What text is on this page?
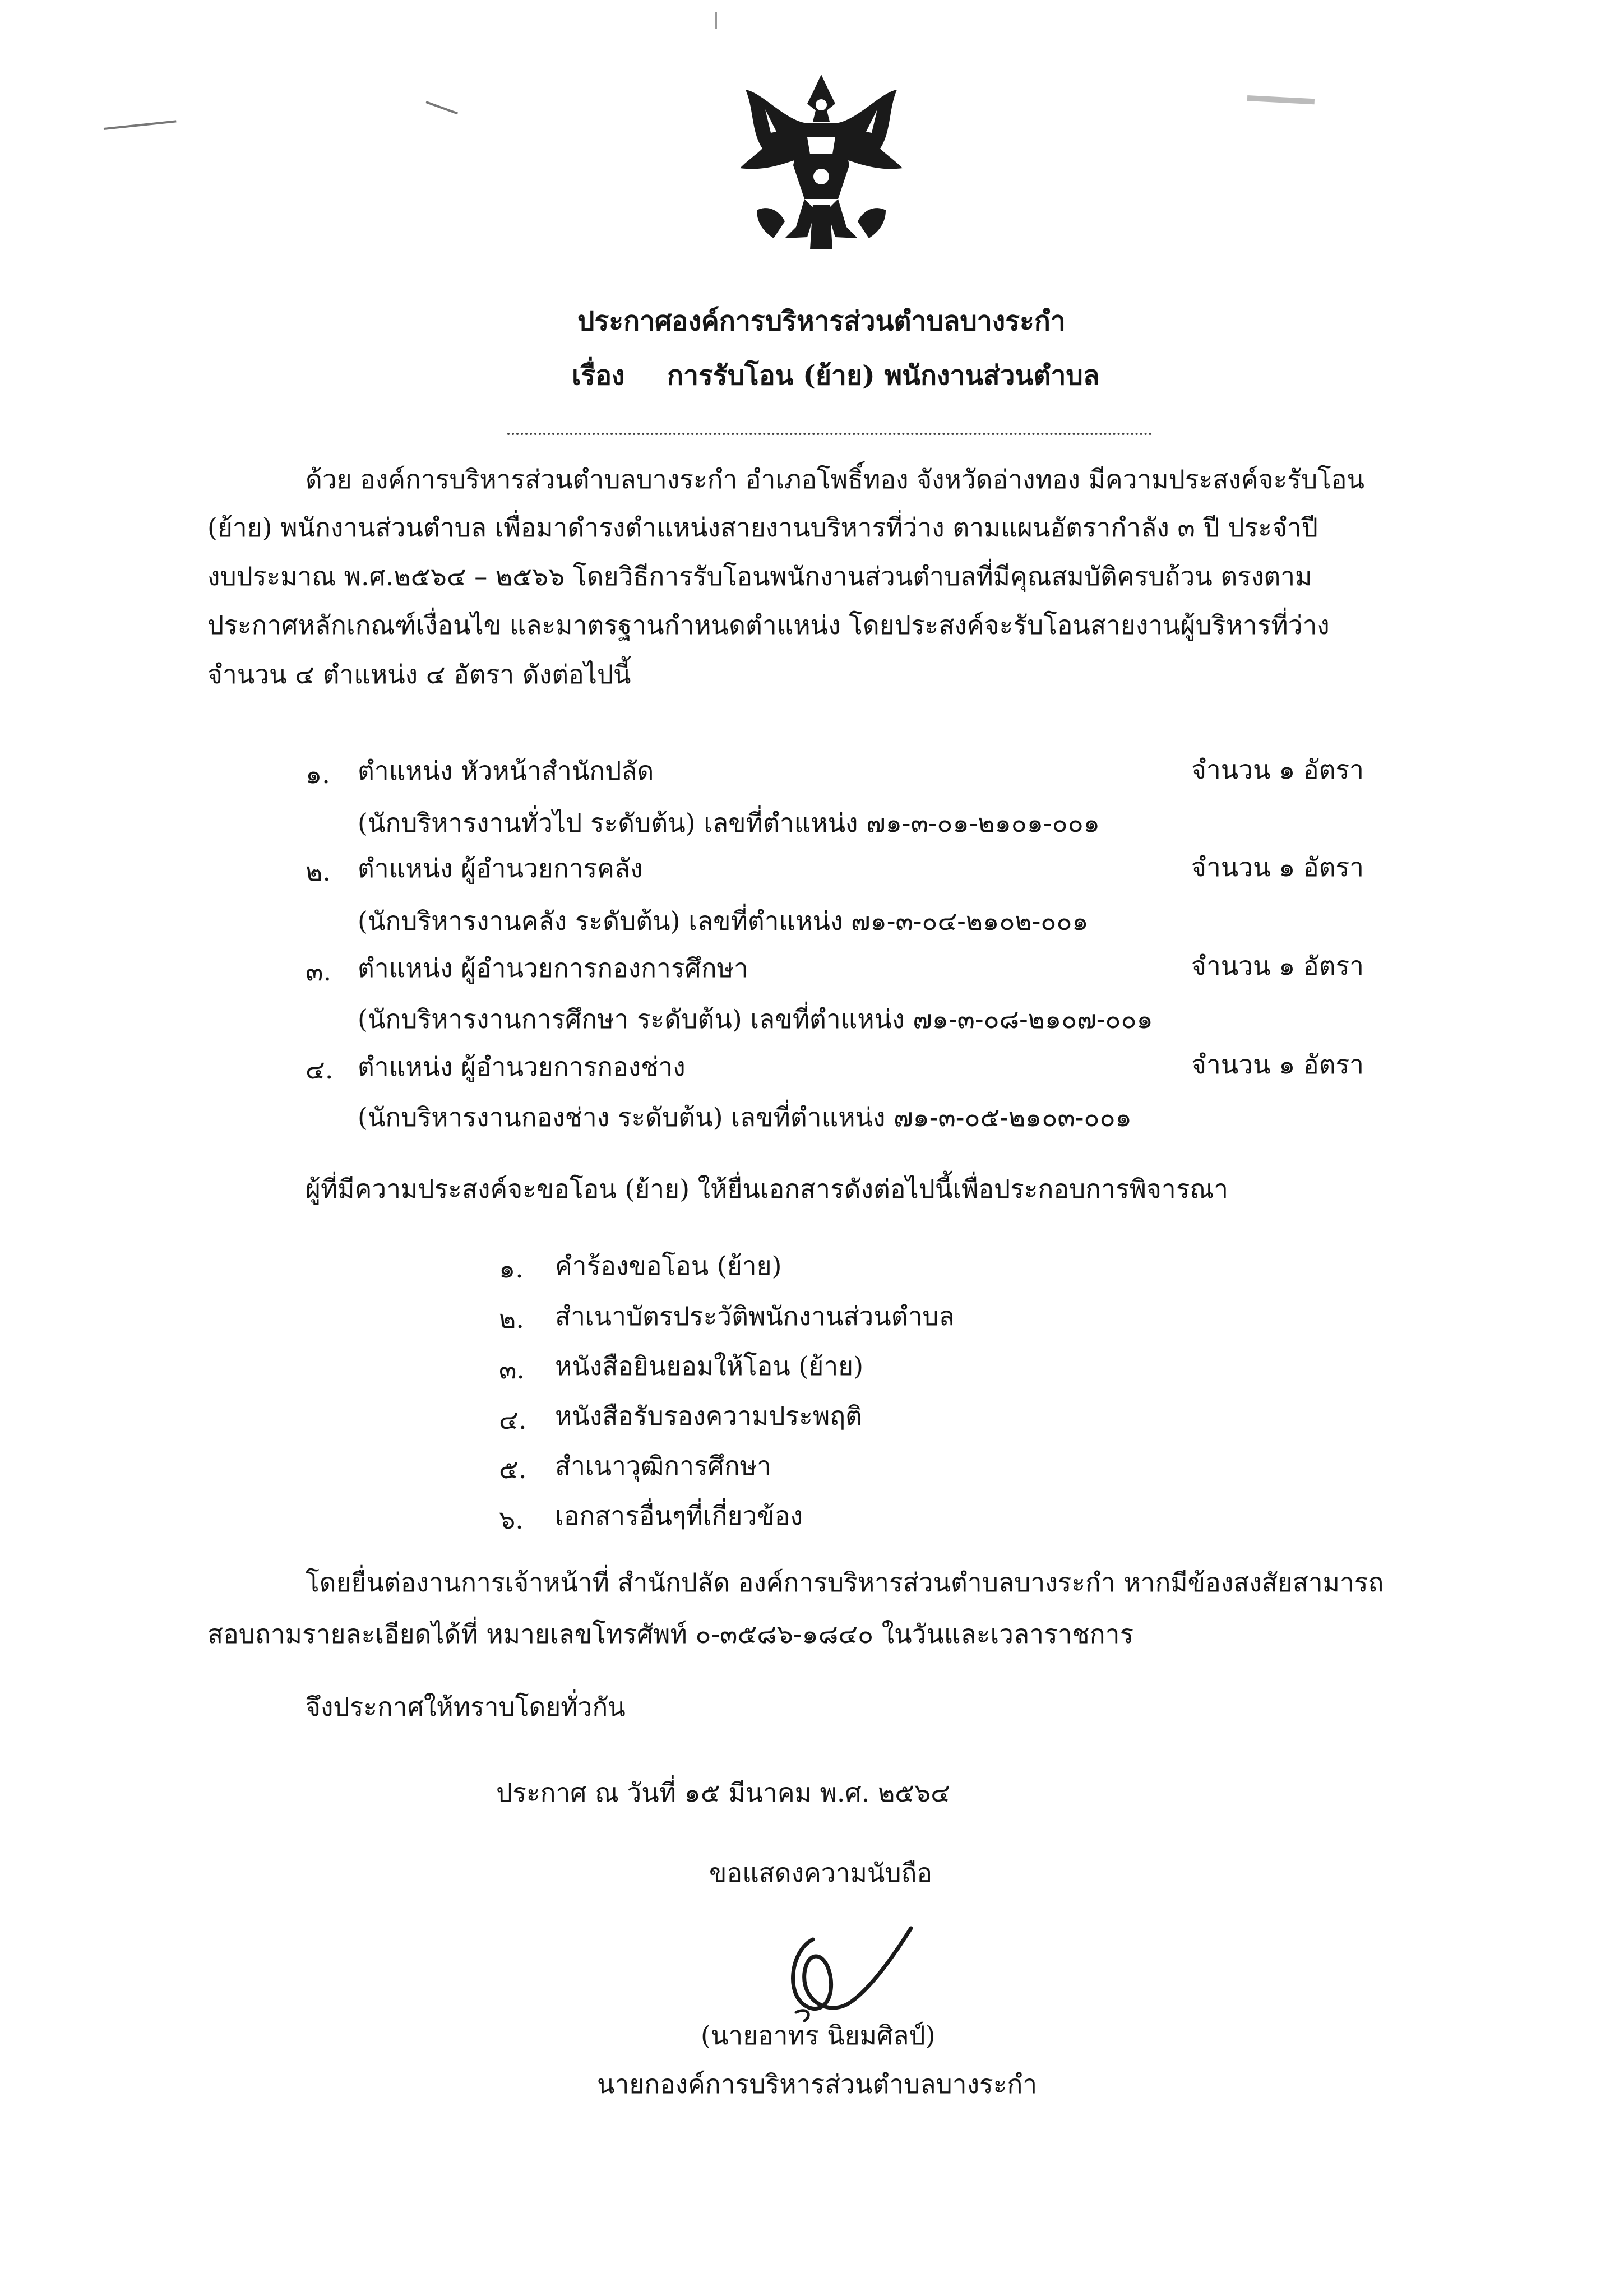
ประกาศองค์การบริหารส่วนตำบลบางระกำ
เรื่อง การรับโอน (ย้าย) พนักงานส่วนตำบล
ด้วย องค์การบริหารส่วนตำบลบางระกำ อำเภอโพธิ์ทอง จังหวัดอ่างทอง มีความประสงค์จะรับโอน
(ย้าย) พนักงานส่วนตำบล เพื่อมาดำรงตำแหน่งสายงานบริหารที่ว่าง ตามแผนอัตรากำลัง ๓ ปี ประจำปี
งบประมาณ พ.ศ.๒๕๖๔ – ๒๕๖๖ โดยวิธีการรับโอนพนักงานส่วนตำบลที่มีคุณสมบัติครบถ้วน ตรงตาม
ประกาศหลักเกณฑ์เงื่อนไข และมาตรฐานกำหนดตำแหน่ง โดยประสงค์จะรับโอนสายงานผู้บริหารที่ว่าง
จำนวน ๔ ตำแหน่ง ๔ อัตรา ดังต่อไปนี้
๑. ตำแหน่ง หัวหน้าสำนักปลัด	จำนวน ๑ อัตรา
(นักบริหารงานทั่วไป ระดับต้น) เลขที่ตำแหน่ง ๗๑-๓-๐๑-๒๑๐๑-๐๐๑
๒. ตำแหน่ง ผู้อำนวยการคลัง	จำนวน ๑ อัตรา
(นักบริหารงานคลัง ระดับต้น) เลขที่ตำแหน่ง ๗๑-๓-๐๔-๒๑๐๒-๐๐๑
๓. ตำแหน่ง ผู้อำนวยการกองการศึกษา	จำนวน ๑ อัตรา
(นักบริหารงานการศึกษา ระดับต้น) เลขที่ตำแหน่ง ๗๑-๓-๐๘-๒๑๐๗-๐๐๑
๔. ตำแหน่ง ผู้อำนวยการกองช่าง	จำนวน ๑ อัตรา
(นักบริหารงานกองช่าง ระดับต้น) เลขที่ตำแหน่ง ๗๑-๓-๐๕-๒๑๐๓-๐๐๑
ผู้ที่มีความประสงค์จะขอโอน (ย้าย) ให้ยื่นเอกสารดังต่อไปนี้เพื่อประกอบการพิจารณา
๑. คำร้องขอโอน (ย้าย)
๒. สำเนาบัตรประวัติพนักงานส่วนตำบล
๓. หนังสือยินยอมให้โอน (ย้าย)
๔. หนังสือรับรองความประพฤติ
๕. สำเนาวุฒิการศึกษา
๖. เอกสารอื่นๆที่เกี่ยวข้อง
โดยยื่นต่องานการเจ้าหน้าที่ สำนักปลัด องค์การบริหารส่วนตำบลบางระกำ หากมีข้องสงสัยสามารถ
สอบถามรายละเอียดได้ที่ หมายเลขโทรศัพท์ ๐-๓๕๘๖-๑๘๔๐ ในวันและเวลาราชการ
จึงประกาศให้ทราบโดยทั่วกัน
ประกาศ ณ วันที่ ๑๕ มีนาคม พ.ศ. ๒๕๖๔
ขอแสดงความนับถือ
(นายอาทร นิยมศิลป์)
นายกองค์การบริหารส่วนตำบลบางระกำ
